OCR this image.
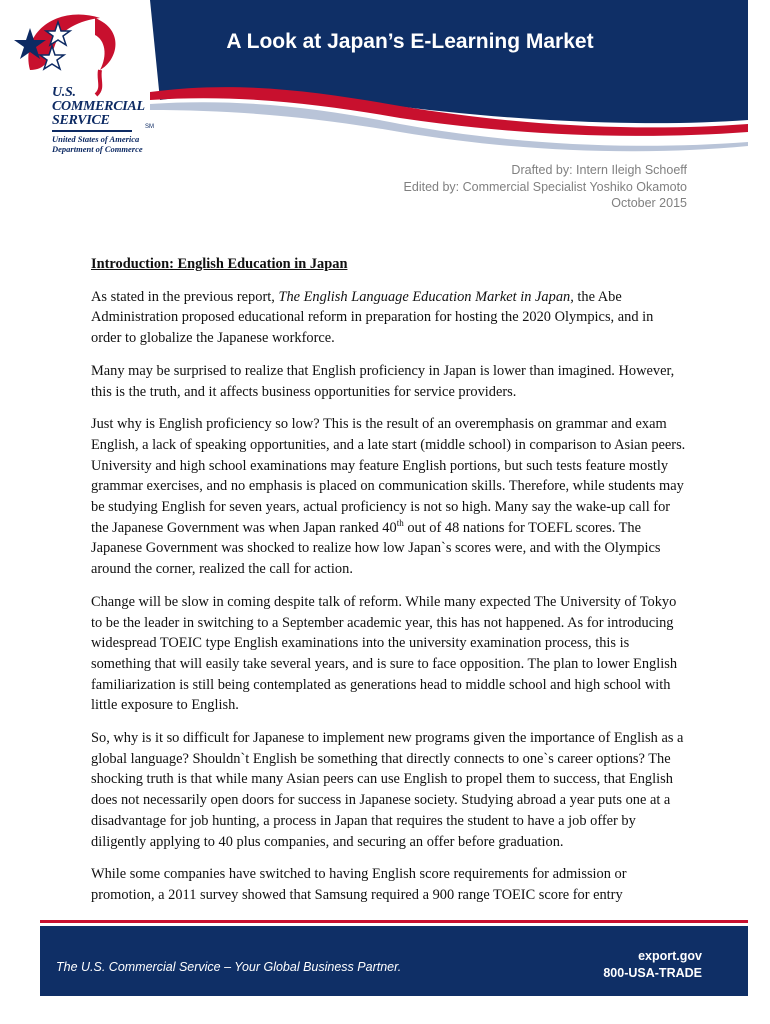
A Look at Japan’s E-Learning Market
U.S.
COMMERCIAL
SERVICE
United States of America
Department of Commerce
SM
Drafted by: Intern Ileigh Schoeff
Edited by: Commercial Specialist Yoshiko Okamoto
October 2015
Introduction: English Education in Japan

As stated in the previous report, The English Language Education Market in Japan, the Abe Administration proposed educational reform in preparation for hosting the 2020 Olympics, and in order to globalize the Japanese workforce.

Many may be surprised to realize that English proficiency in Japan is lower than imagined. However, this is the truth, and it affects business opportunities for service providers.

Just why is English proficiency so low? This is the result of an overemphasis on grammar and exam English, a lack of speaking opportunities, and a late start (middle school) in comparison to Asian peers. University and high school examinations may feature English portions, but such tests feature mostly grammar exercises, and no emphasis is placed on communication skills. Therefore, while students may be studying English for seven years, actual proficiency is not so high. Many say the wake-up call for the Japanese Government was when Japan ranked 40th out of 48 nations for TOEFL scores. The Japanese Government was shocked to realize how low Japan`s scores were, and with the Olympics around the corner, realized the call for action.

Change will be slow in coming despite talk of reform. While many expected The University of Tokyo to be the leader in switching to a September academic year, this has not happened. As for introducing widespread TOEIC type English examinations into the university examination process, this is something that will easily take several years, and is sure to face opposition. The plan to lower English familiarization is still being contemplated as generations head to middle school and high school with little exposure to English.

So, why is it so difficult for Japanese to implement new programs given the importance of English as a global language? Shouldn`t English be something that directly connects to one`s career options? The shocking truth is that while many Asian peers can use English to propel them to success, that English does not necessarily open doors for success in Japanese society. Studying abroad a year puts one at a disadvantage for job hunting, a process in Japan that requires the student to have a job offer by diligently applying to 40 plus companies, and securing an offer before graduation.

While some companies have switched to having English score requirements for admission or promotion, a 2011 survey showed that Samsung required a 900 range TOEIC score for entry

The U.S. Commercial Service – Your Global Business Partner.
export.gov
800-USA-TRADE
